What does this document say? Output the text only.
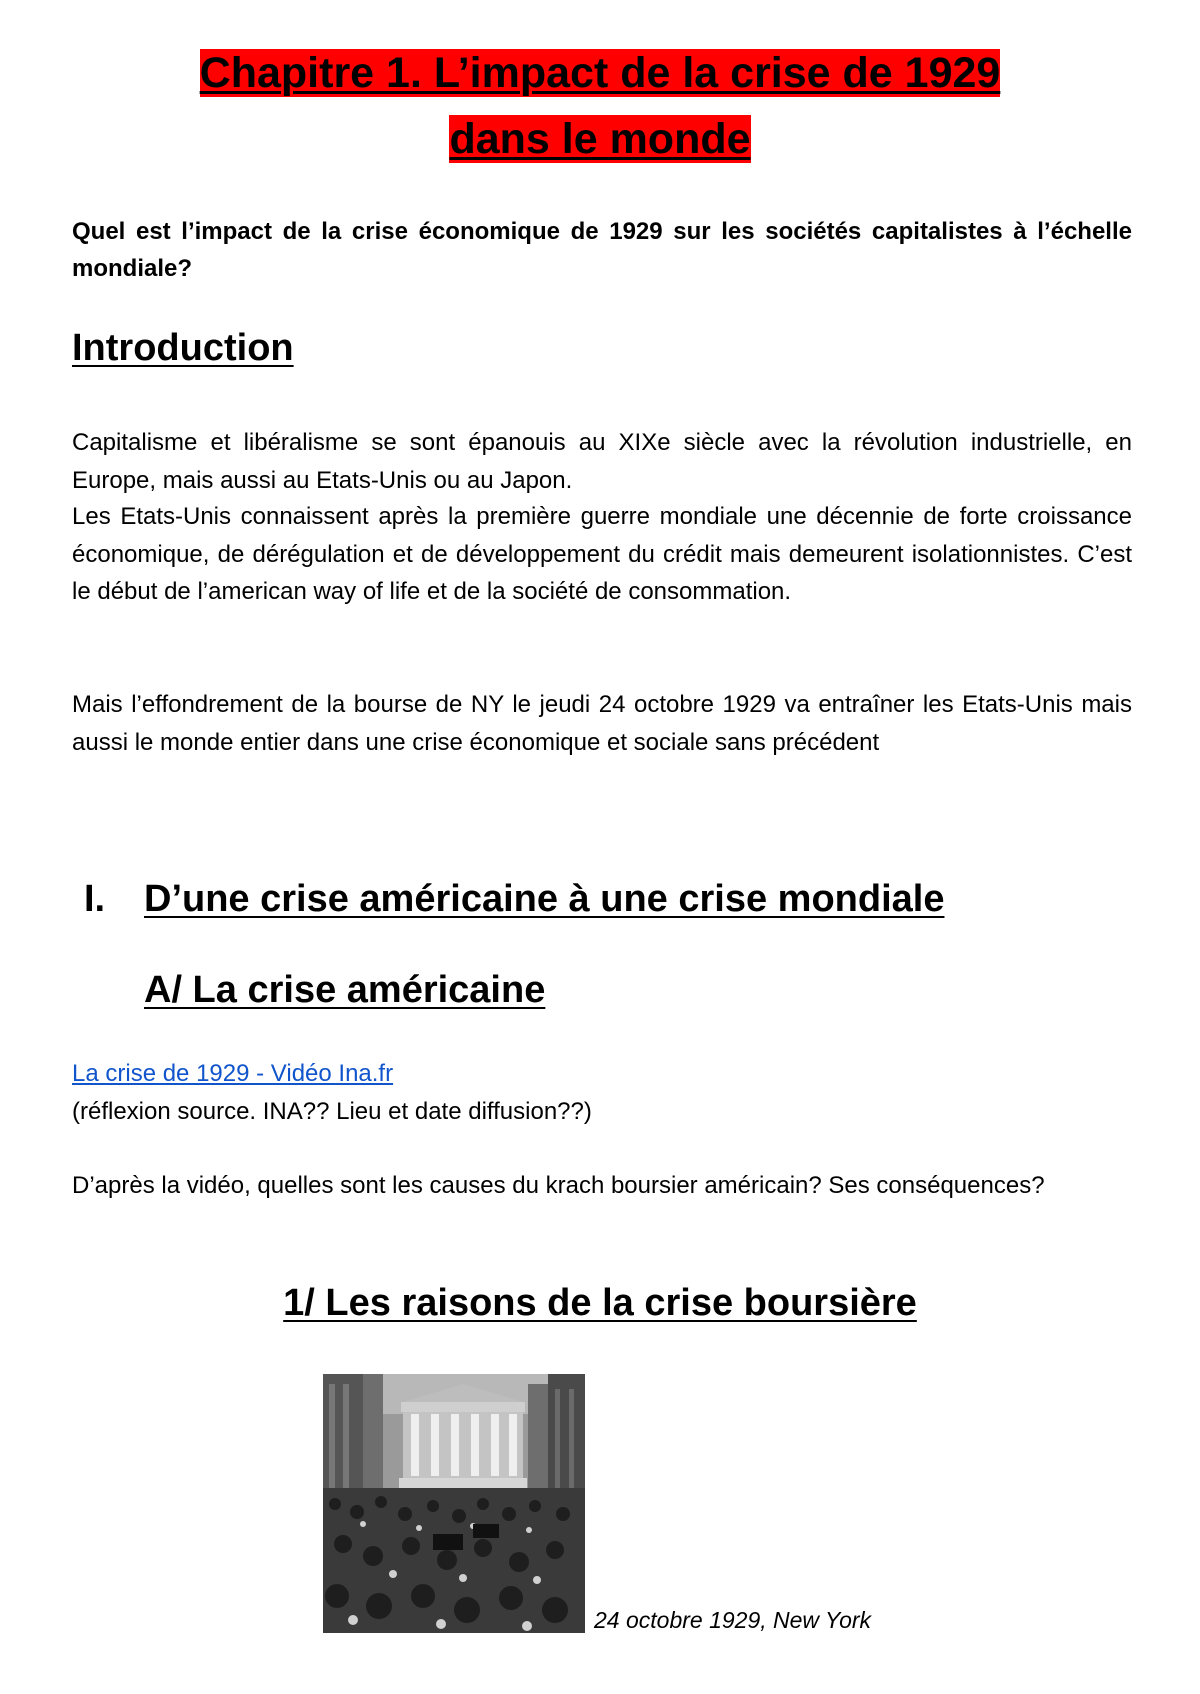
Chapitre 1. L’impact de la crise de 1929
dans le monde
Quel est l’impact de la crise économique de 1929 sur les sociétés capitalistes à l’échelle mondiale?
Introduction

Capitalisme et libéralisme se sont épanouis au XIXe siècle avec la révolution industrielle, en Europe, mais aussi au Etats-Unis ou au Japon.

Les Etats-Unis connaissent après la première guerre mondiale une décennie de forte croissance économique, de dérégulation et de développement du crédit mais demeurent isolationnistes. C’est le début de l’american way of life et de la société de consommation.

Mais l’effondrement de la bourse de NY le jeudi 24 octobre 1929 va entraîner les Etats-Unis mais aussi le monde entier dans une crise économique et sociale sans précédent

I. D’une crise américaine à une crise mondiale
A/ La crise américaine
La crise de 1929 - Vidéo Ina.fr
(réflexion source. INA?? Lieu et date diffusion??)

D’après la vidéo, quelles sont les causes du krach boursier américain? Ses conséquences?

1/ Les raisons de la crise boursière
24 octobre 1929, New York
